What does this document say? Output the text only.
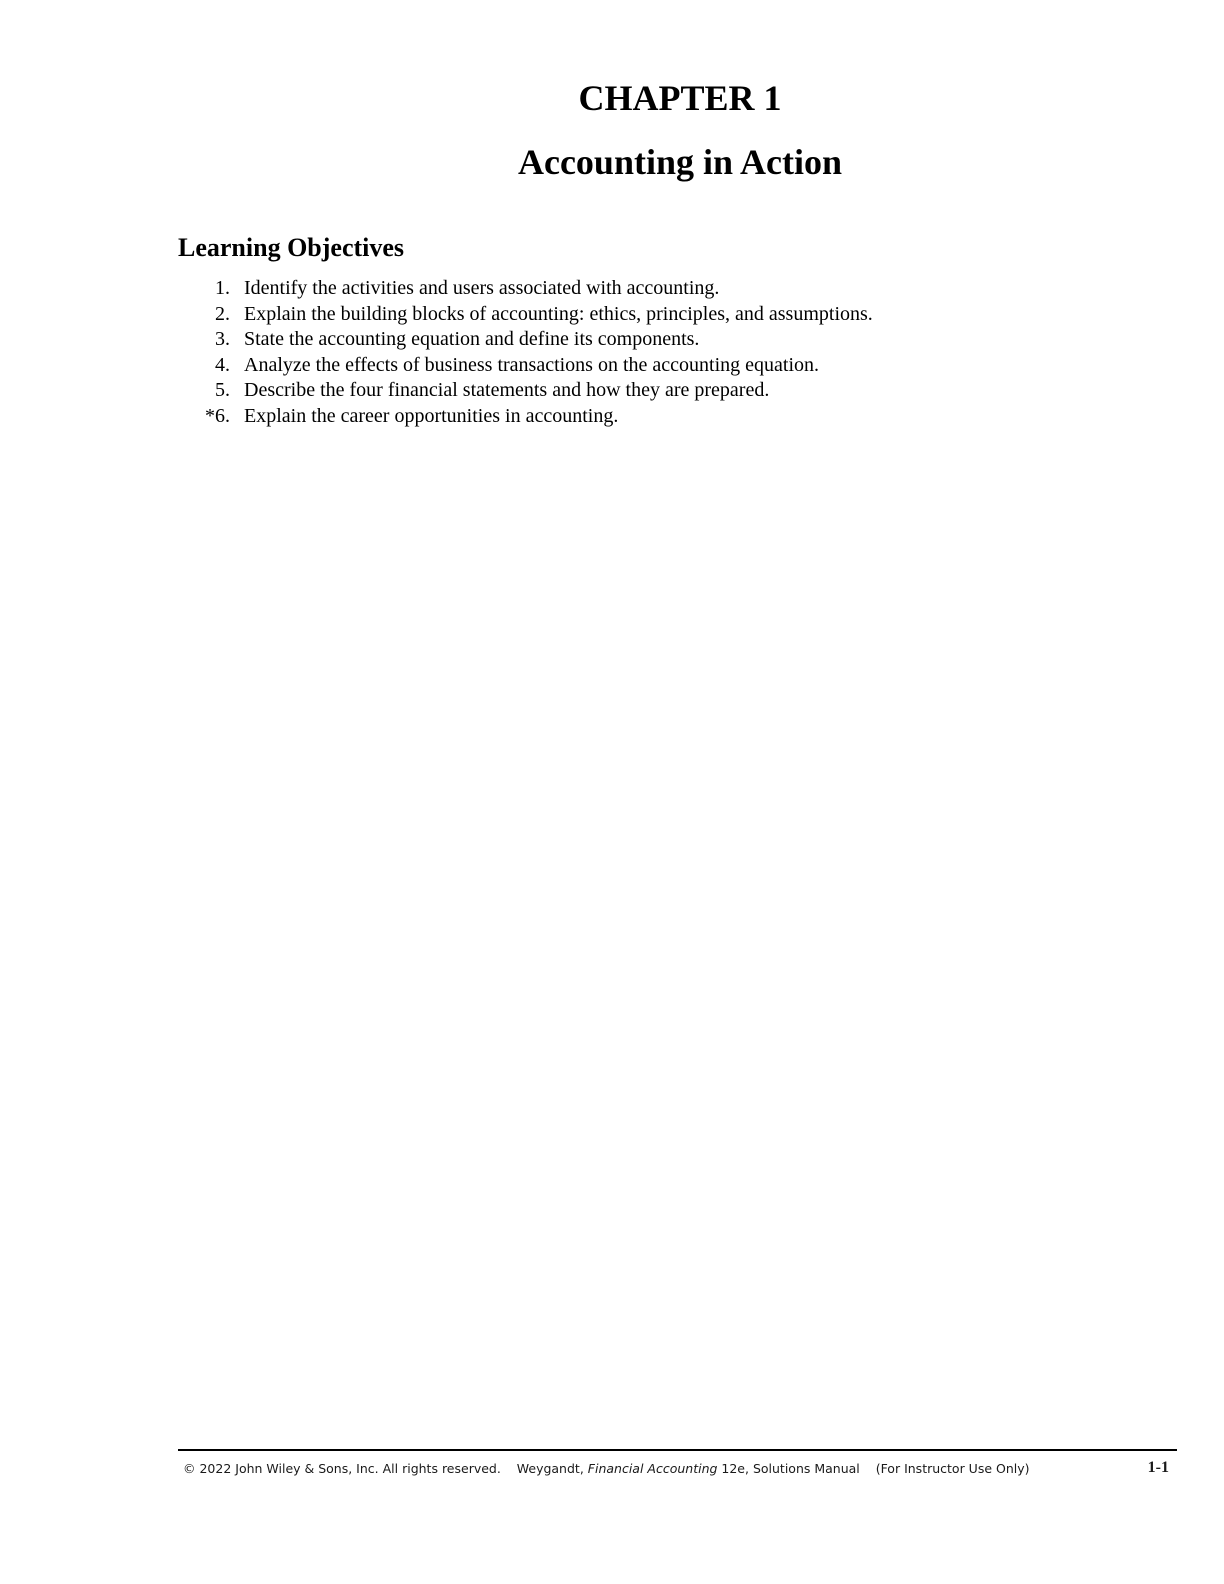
CHAPTER 1
Accounting in Action
Learning Objectives
1. Identify the activities and users associated with accounting.
2. Explain the building blocks of accounting: ethics, principles, and assumptions.
3. State the accounting equation and define its components.
4. Analyze the effects of business transactions on the accounting equation.
5. Describe the four financial statements and how they are prepared.
*6. Explain the career opportunities in accounting.
© 2022 John Wiley & Sons, Inc. All rights reserved. Weygandt, Financial Accounting 12e, Solutions Manual (For Instructor Use Only)	1-1
